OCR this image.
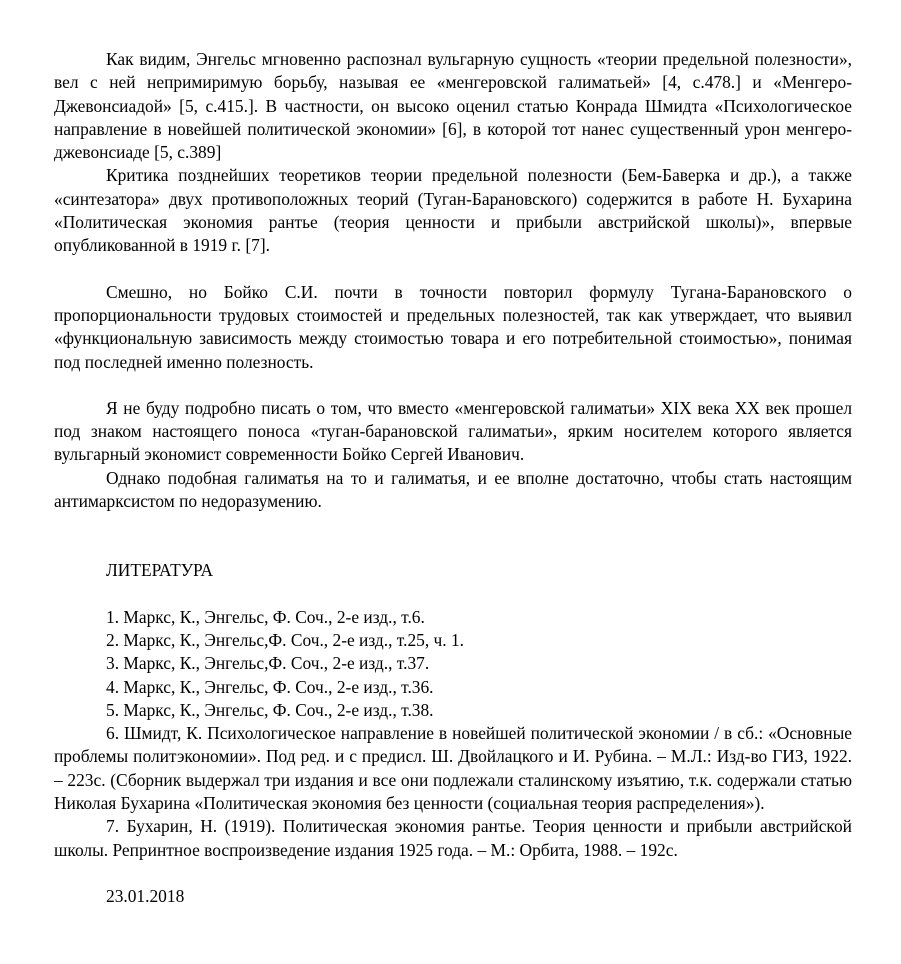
Как видим, Энгельс мгновенно распознал вульгарную сущность «теории предельной полезности», вел с ней непримиримую борьбу, называя ее «менгеровской галиматьей» [4, с.478.] и «Менгеро-Джевонсиадой» [5, с.415.]. В частности, он высоко оценил статью Конрада Шмидта «Психологическое направление в новейшей политической экономии» [6], в которой тот нанес существенный урон менгеро-джевонсиаде [5, с.389]

Критика позднейших теоретиков теории предельной полезности (Бем-Баверка и др.), а также «синтезатора» двух противоположных теорий (Туган-Барановского) содержится в работе Н. Бухарина «Политическая экономия рантье (теория ценности и прибыли австрийской школы)», впервые опубликованной в 1919 г. [7].

Смешно, но Бойко С.И. почти в точности повторил формулу Тугана-Барановского о пропорциональности трудовых стоимостей и предельных полезностей, так как утверждает, что выявил «функциональную зависимость между стоимостью товара и его потребительной стоимостью», понимая под последней именно полезность.

Я не буду подробно писать о том, что вместо «менгеровской галиматьи» XIX века XX век прошел под знаком настоящего поноса «туган-барановской галиматьи», ярким носителем которого является вульгарный экономист современности Бойко Сергей Иванович.

Однако подобная галиматья на то и галиматья, и ее вполне достаточно, чтобы стать настоящим антимарксистом по недоразумению.

ЛИТЕРАТУРА

1. Маркс, К., Энгельс, Ф. Соч., 2-е изд., т.6.

2. Маркс, К., Энгельс,Ф. Соч., 2-е изд., т.25, ч. 1.

3. Маркс, К., Энгельс,Ф. Соч., 2-е изд., т.37.

4. Маркс, К., Энгельс, Ф. Соч., 2-е изд., т.36.

5. Маркс, К., Энгельс, Ф. Соч., 2-е изд., т.38.

6. Шмидт, К. Психологическое направление в новейшей политической экономии / в сб.: «Основные проблемы политэкономии». Под ред. и с предисл. Ш. Двойлацкого и И. Рубина. – М.Л.: Изд-во ГИЗ, 1922. – 223с. (Сборник выдержал три издания и все они подлежали сталинскому изъятию, т.к. содержали статью Николая Бухарина «Политическая экономия без ценности (социальная теория распределения»).

7. Бухарин, Н. (1919). Политическая экономия рантье. Теория ценности и прибыли австрийской школы. Репринтное воспроизведение издания 1925 года. – М.: Орбита, 1988. – 192с.

23.01.2018
